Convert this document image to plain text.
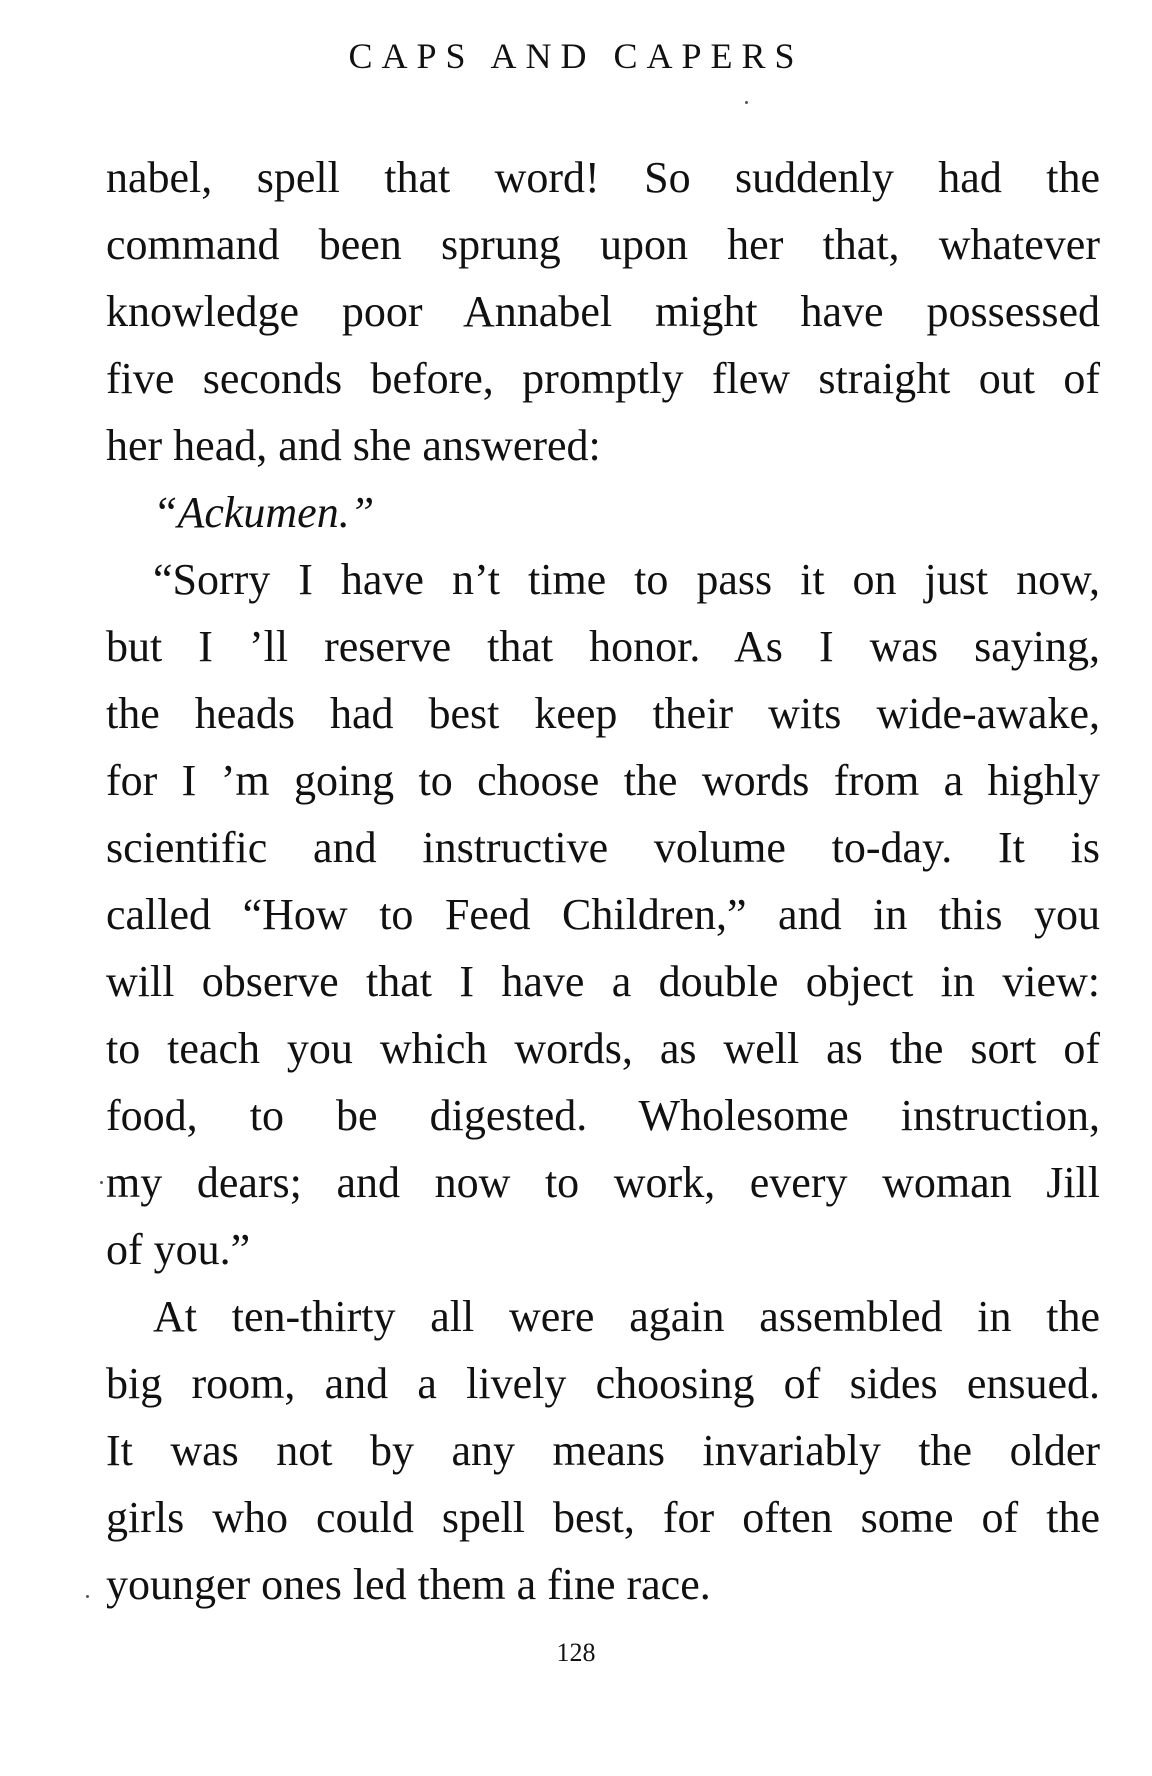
CAPS AND CAPERS
nabel, spell that word! So suddenly had the
command been sprung upon her that, whatever
knowledge poor Annabel might have possessed
five seconds before, promptly flew straight out of
her head, and she answered:
“Ackumen.”
“Sorry I have n’t time to pass it on just now,
but I ’ll reserve that honor. As I was saying,
the heads had best keep their wits wide-awake,
for I ’m going to choose the words from a highly
scientific and instructive volume to-day. It is
called “How to Feed Children,” and in this you
will observe that I have a double object in view:
to teach you which words, as well as the sort of
food, to be digested. Wholesome instruction,
my dears; and now to work, every woman Jill
of you.”
At ten-thirty all were again assembled in the
big room, and a lively choosing of sides ensued.
It was not by any means invariably the older
girls who could spell best, for often some of the
younger ones led them a fine race.
128
